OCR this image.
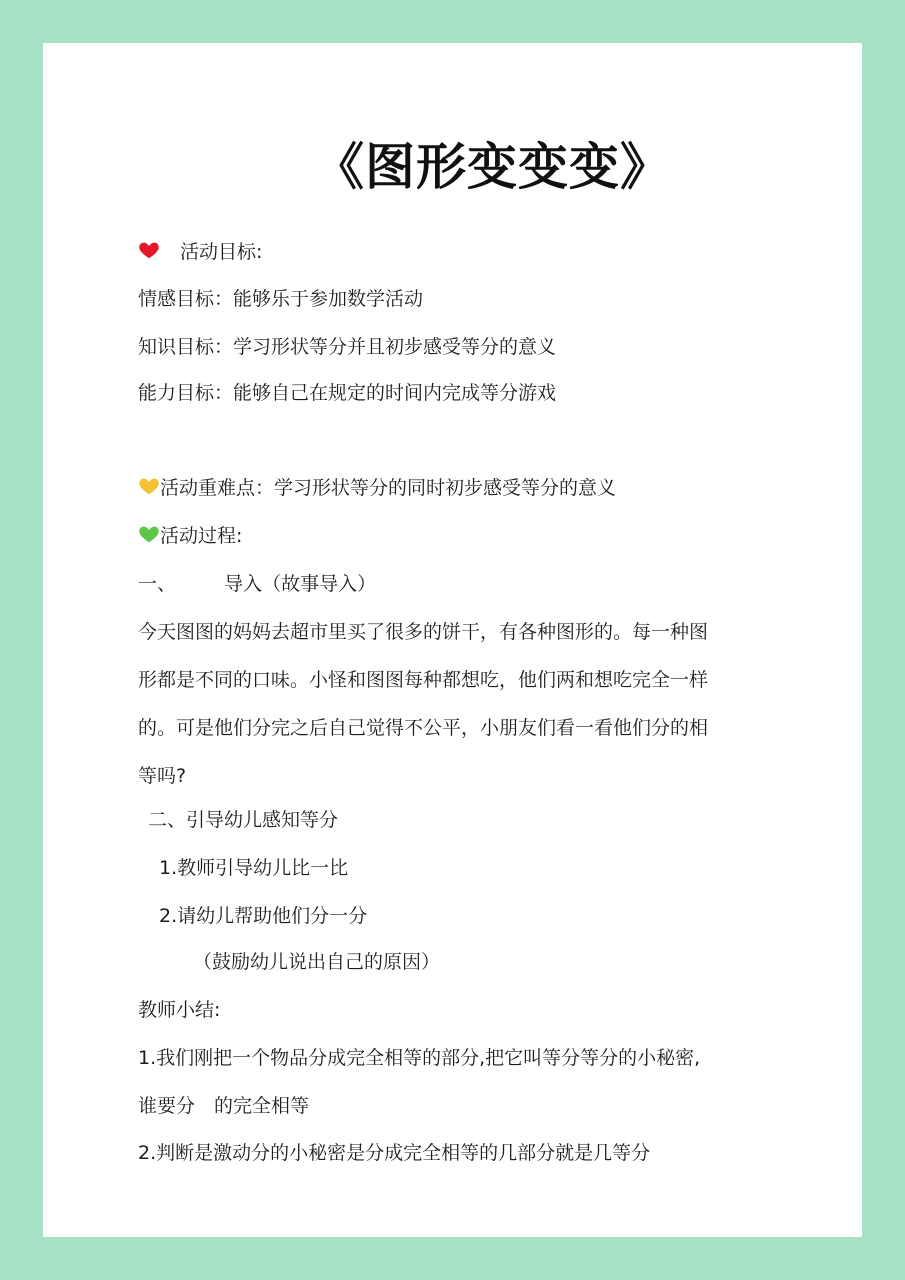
《图形变变变》
活动目标:
情感目标：能够乐于参加数学活动
知识目标：学习形状等分并且初步感受等分的意义
能力目标：能够自己在规定的时间内完成等分游戏
活动重难点：学习形状等分的同时初步感受等分的意义
活动过程:
一、	导入（故事导入）
今天图图的妈妈去超市里买了很多的饼干，有各种图形的。每一种图
形都是不同的口味。小怪和图图每种都想吃，他们两和想吃完全一样
的。可是他们分完之后自己觉得不公平，小朋友们看一看他们分的相
等吗?
二、引导幼儿感知等分
1.教师引导幼儿比一比
2.请幼儿帮助他们分一分
（鼓励幼儿说出自己的原因）
教师小结:
1.我们刚把一个物品分成完全相等的部分,把它叫等分等分的小秘密,
谁要分　的完全相等
2.判断是激动分的小秘密是分成完全相等的几部分就是几等分
